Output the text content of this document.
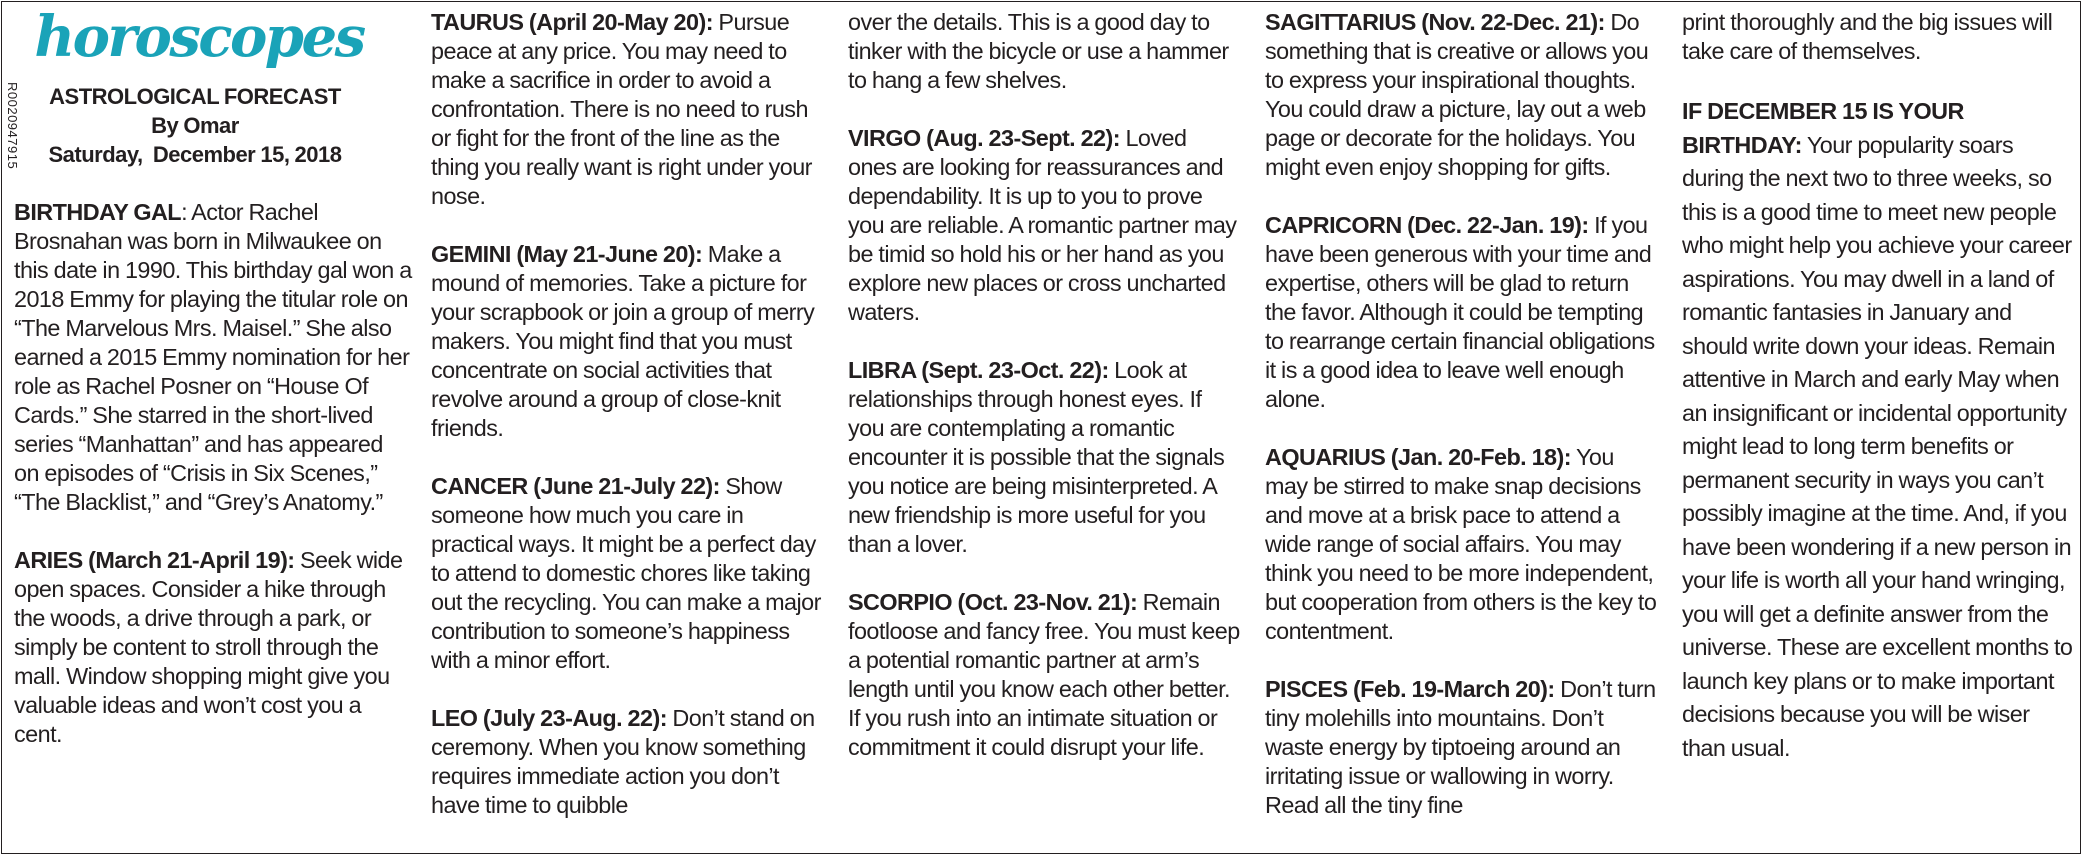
R0020947915
horoscopes
ASTROLOGICAL FORECAST
By Omar
Saturday,  December 15, 2018

BIRTHDAY GAL: Actor Rachel Brosnahan was born in Milwaukee on this date in 1990. This birthday gal won a 2018 Emmy for playing the titular role on “The Marvelous Mrs. Maisel.” She also earned a 2015 Emmy nomination for her role as Rachel Posner on “House Of Cards.” She starred in the short-lived series “Manhattan” and has appeared on episodes of “Crisis in Six Scenes,” “The Blacklist,” and “Grey’s Anatomy.”

ARIES (March 21-April 19): Seek wide open spaces. Consider a hike through the woods, a drive through a park, or simply be content to stroll through the mall. Window shopping might give you valuable ideas and won’t cost you a cent.

TAURUS (April 20-May 20): Pursue peace at any price. You may need to make a sacrifice in order to avoid a confrontation. There is no need to rush or fight for the front of the line as the thing you really want is right under your nose.

GEMINI (May 21-June 20): Make a mound of memories. Take a picture for your scrapbook or join a group of merry makers. You might find that you must concentrate on social activities that revolve around a group of close-knit friends.

CANCER (June 21-July 22): Show someone how much you care in practical ways. It might be a perfect day to attend to domestic chores like taking out the recycling. You can make a major contribution to someone’s happiness with a minor effort.

LEO (July 23-Aug. 22): Don’t stand on ceremony. When you know something requires immediate action you don’t have time to quibble

over the details. This is a good day to tinker with the bicycle or use a hammer to hang a few shelves.

VIRGO (Aug. 23-Sept. 22): Loved ones are looking for reassurances and dependability. It is up to you to prove you are reliable. A romantic partner may be timid so hold his or her hand as you explore new places or cross uncharted waters.

LIBRA (Sept. 23-Oct. 22): Look at relationships through honest eyes. If you are contemplating a romantic encounter it is possible that the signals you notice are being misinterpreted. A new friendship is more useful for you than a lover.

SCORPIO (Oct. 23-Nov. 21): Remain footloose and fancy free. You must keep a potential romantic partner at arm’s length until you know each other better. If you rush into an intimate situation or commitment it could disrupt your life.

SAGITTARIUS (Nov. 22-Dec. 21): Do something that is creative or allows you to express your inspirational thoughts. You could draw a picture, lay out a web page or decorate for the holidays. You might even enjoy shopping for gifts.

CAPRICORN (Dec. 22-Jan. 19): If you have been generous with your time and expertise, others will be glad to return the favor. Although it could be tempting to rearrange certain financial obligations it is a good idea to leave well enough alone.

AQUARIUS (Jan. 20-Feb. 18): You may be stirred to make snap decisions and move at a brisk pace to attend a wide range of social affairs. You may think you need to be more independent, but cooperation from others is the key to contentment.

PISCES (Feb. 19-March 20): Don’t turn tiny molehills into mountains. Don’t waste energy by tiptoeing around an irritating issue or wallowing in worry. Read all the tiny fine

print thoroughly and the big issues will take care of themselves.

IF DECEMBER 15 IS YOUR BIRTHDAY: Your popularity soars during the next two to three weeks, so this is a good time to meet new people who might help you achieve your career aspirations. You may dwell in a land of romantic fantasies in January and should write down your ideas. Remain attentive in March and early May when an insignificant or incidental opportunity might lead to long term benefits or permanent security in ways you can’t possibly imagine at the time. And, if you have been wondering if a new person in your life is worth all your hand wringing, you will get a definite answer from the universe. These are excellent months to launch key plans or to make important decisions because you will be wiser than usual.
